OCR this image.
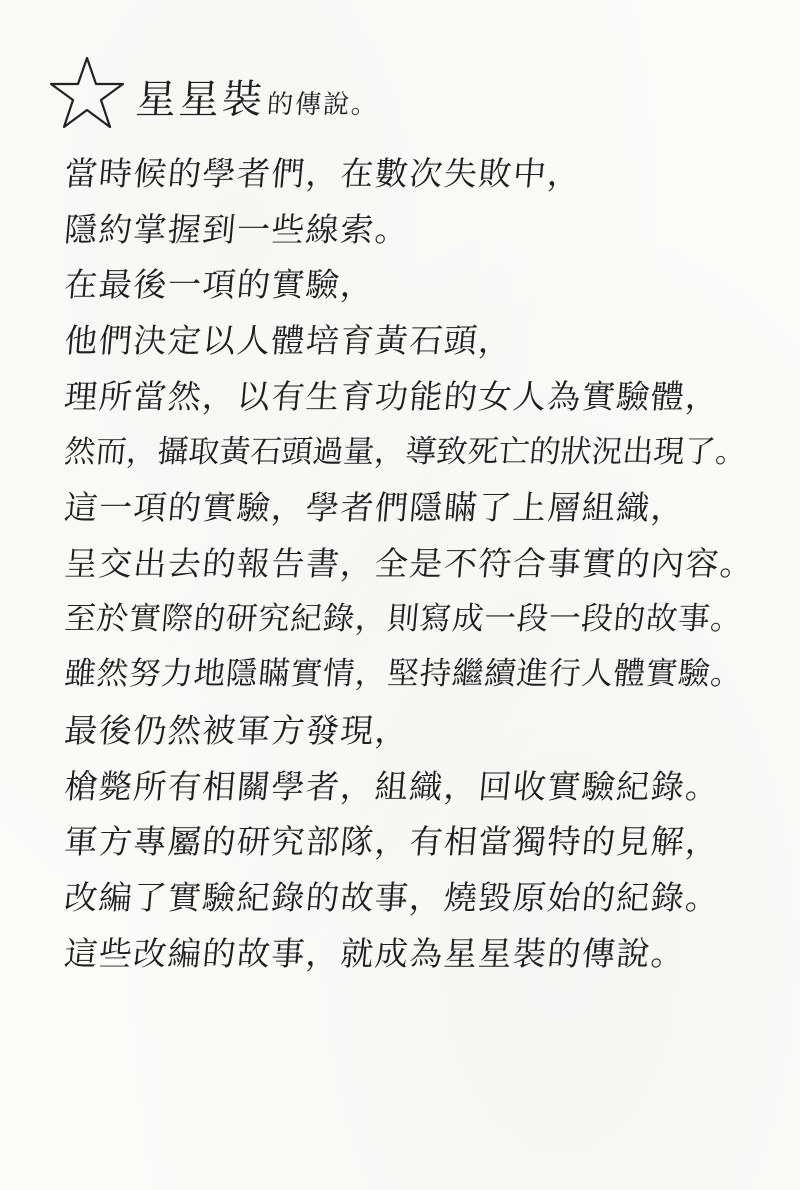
星星裝 的傳說。
當時候的學者們，在數次失敗中，
隱約掌握到一些線索。
在最後一項的實驗，
他們決定以人體培育黃石頭，
理所當然，以有生育功能的女人為實驗體，
然而，攝取黃石頭過量，導致死亡的狀況出現了。
這一項的實驗，學者們隱瞞了上層組織，
呈交出去的報告書，全是不符合事實的內容。
至於實際的研究紀錄，則寫成一段一段的故事。
雖然努力地隱瞞實情，堅持繼續進行人體實驗。
最後仍然被軍方發現，
槍斃所有相關學者，組織，回收實驗紀錄。
軍方專屬的研究部隊，有相當獨特的見解，
改編了實驗紀錄的故事，燒毀原始的紀錄。
這些改編的故事，就成為星星裝的傳說。
